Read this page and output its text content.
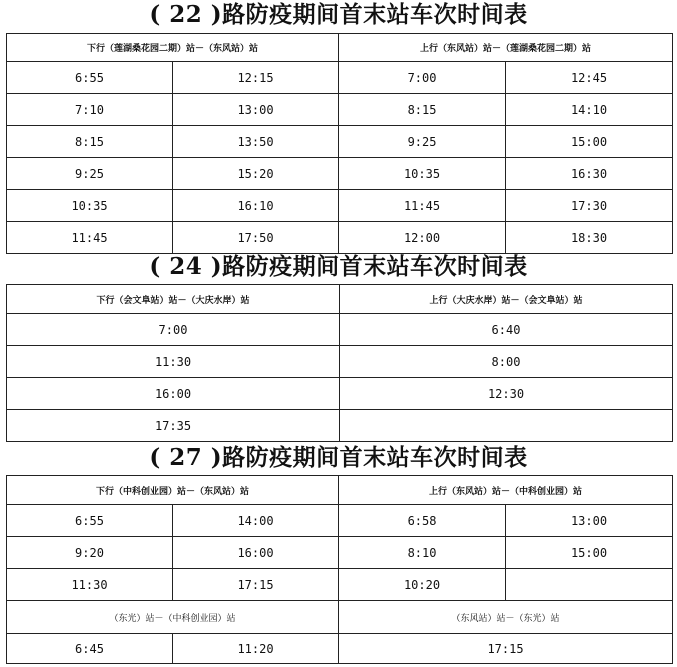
( 22 )路防疫期间首末站车次时间表
下行（莲湖桑花园二期）站－（东风站）站		上行（东风站）站－（莲湖桑花园二期）站	
6:55	12:15	7:00	12:45
7:10	13:00	8:15	14:10
8:15	13:50	9:25	15:00
9:25	15:20	10:35	16:30
10:35	16:10	11:45	17:30
11:45	17:50	12:00	18:30
( 24 )路防疫期间首末站车次时间表
下行（会文阜站）站－（大庆水岸）站	上行（大庆水岸）站－（会文阜站）站
7:00	6:40
11:30	8:00
16:00	12:30
17:35	
( 27 )路防疫期间首末站车次时间表
下行（中科创业园）站－（东风站）站		上行（东风站）站－（中科创业园）站	
6:55	14:00	6:58	13:00
9:20	16:00	8:10	15:00
11:30	17:15	10:20	
（东光）站－（中科创业园）站		（东风站）站－（东光）站	
6:45	11:20	17:15	
